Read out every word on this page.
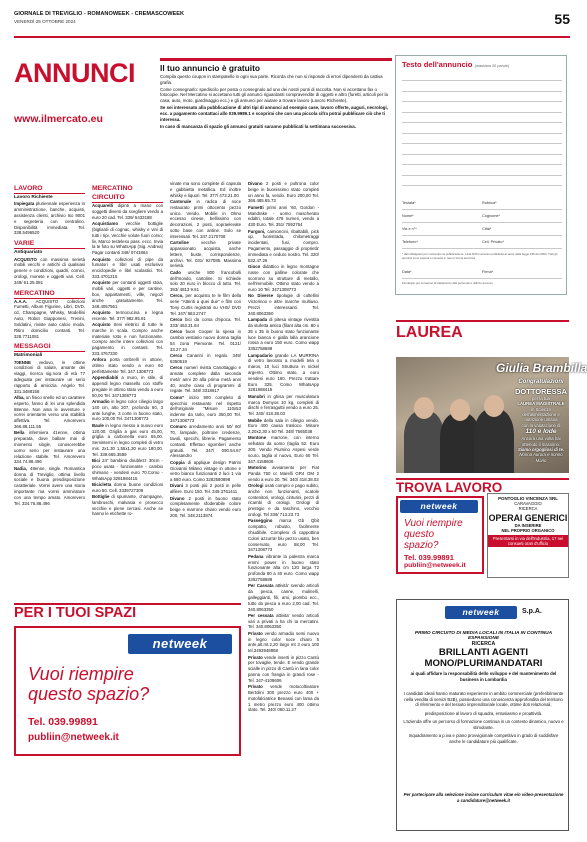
GIORNALE DI TREVIGLIO - ROMANOWEEK - CREMASCOWEEK
VENERDÌ 25 OTTOBRE 2024	55
ANNUNCI
www.ilmercato.eu
Il tuo annuncio è gratuito

Compila questo coupon in stampatello in ogni sua parte. Ricorda che non si risponde di errori dipendenti da cattiva grafia.

Come consegnarlo: spediscilo per posta o consegnalo ad uno dei nostri punti di raccolta. Non si accettano fax o fotocopie. Nel Mercatino si accettano tutti gli annunci riguardanti compravendite di oggetti e altro (furetti, articoli per la casa, auto, moto, giardinaggio ecc.) e gli annunci per aiutare a trovare lavoro (Lavoro Richieste).

Se sei interessato alla pubblicazione di altri tipi di annunci ad esempio case, lavoro offerte, auguri, necrologi, ecc. a pagamento contattaci allo 039.9989.1 e scoprirai che con una piccola cifra potrai pubblicare ciò che ti interessa.

In caso di mancanza di spazio gli annunci gratuiti saranno pubblicati la settimana successiva.

Testo dell'annuncio (massimo 20 parole)
Testata*	Rubrica*
Nome*	Cognome*
Via e n°*	Città*
Telefono*	Cell. Privato*
* dati obbligatori per consentire la pubblicazione. I dati NON verranno pubblicati ai sensi della legge 196 del 2003. Tutti gli annunci sono esposti e immessi in rete in forma anonima
Data*	Firma*
Firmatario per consenso al trattamento dati personali e utilizzo annunci
LAVORO
Lavoro Richieste

Impiegata pluriennale esperienza in amministrazione, banche, acquisti, assistenza clienti, archivio Iso 9001 e segreteria con centralino. Disponibilità immediata. Tel. 338.5496520

VARIE
Antiquariato

ACQUISTO con massima serietà mobili vecchi e antichi di qualsiasi genere e condizioni, quadri, cornici, orologi, monete e oggetti vari. Cell. 349/ 61.25.081

MERCATINO

A.A.A. ACQUISTO collezioni Fumetti, Album Figurine, Libri, DVD, cd, Champagne, Whisky, Modellini Auto, Robot Giapponesi, Trenini, Soldatini, riviste auto calcio moda. Ritiro domicilio contanti. Tel. 328.7711081

MESSAGGI
Matrimoniali

70ENNE vedovo, in ottime condizioni di salute, amante dei viaggi, ricerca sig.nora di età 77 adeguata per instaurare un serio rapporto di amicizia. Angelo Tel. 331.3488158

Alba, un fisico snello ed un carattere esperto, fanno di lei una splendida 68enne. Non ama le avventure e vorrei orientarmi verso una stabilità affettiva. Tel. Amorevero 366.88.111.55

Bella infermiera 41enne, ottima preparata, dove ballare mai di momento single, conoscerebbe uomo serio per instaurare una relazione stabile. Tel. Amorevero 334.74.88.496

Nadia, 48enne, single. Romantica donna di Treviglio, ottima livello sociale e buona presdisposizione caratteriale. Vorrei avere una storia importante ma vorrei ammiratore con una tempo amato. Amorevero Tel. 334.76.88.496

MERCATINO CIRCUITO

Acquarelli dipinti a mano con soggetti diversi da scegliere vendo a euro 20 cad. Tel. 339/ 5433188

Acquistiamo vecchie bottiglie (bigliardi di cognac, whisky e vini di tutti i tipi. Vecchie volute fuori corso; liv, Marco testeleso pass. eccc. Invia la te foto su WhatsApp (Sig. Andrea) Pagar contanti 348/ 0741864

Acquisto collezioni di pipe da fumatori e libri usati esclusivo enciclopedie e libri scolastici. Tel. 333.4701215

Acquisto per contanti oggetti stoia, mobili vari, oggetti e per cantine, box, appartamenti, ville, negozi anche gratuitamente. Tel. 348.4057561

Acquisto termocucina e legna recente. Tel. 377/ 982.95.91

Acquisto treni elettrici di tutte le marche in scala. Compro anche materiale rotto e non funzionante. Compro anche intere collezioni con pagamento in contanti. Tel. 333.4767330

Anfora porta ombrelli in ottone, ottimo stato vendo a euro 60 perfettamente Tel. 347.1308773

Appendiabiti a muro, in stile, di appendi legno massello con stoffe pregiate in ottimo stato vendo a euro 50,00 Tel. 3471308773

Armadio in legno color ciliegio largo 140 cm, alto 207, profondo 60, 3 ante lunghe, 3 corte in buono stato, euro 100,00 Tel. 3471308773

Baule in legno messo a nuovo euro 120,00. Griglia a gas euro 45,00, griglia a carbonella euro 65,00. Seminterni in legno completi di vetro mis. 2x1.30 1,55x1,30 euro 180,00. Tel. 339.665.3559

Bici 24" bambina doublezz 30cm - poco usata - funzionante - cambio shimano - vendesi euro 70.Como - WhatsApp 3281984415

Bicicletta donna buone condizioni euro 50. Cell. 3339727309

Bottiglie di spumante, champagne, lambruschi, malvasia e prosecco vecchie e piene cercasi. Anche se hanno le etichette ro-

vinate ma sono complete di capsula e gabbietta metallica. Ed inoltre whisky e liquori. Tel. 377/ 473.21.00

Cantonale in radica di noce restaurato primi ottocento pezzo unico. Vendo. Mobile in Olmo eccesso cinese, bellissimo con decorazioni, 2 posti, sopraelevate sotto base con antine. Solo se interessati. Tel. 347.2170708

Cartoline vecchie private appassionato acquista, anche lettere, buste, corrispondenze, archivi. Tel. 031/ 927085. Massima serietà.

Cado uniche 800 francobolli dell'mondo, cartoline. Si richiede solo 20 euro in blocco di tutto. Tel. 393/ 4813 9.61

Cerco, per acquisto te le film della serie "Attenti a quei due" e film con Tony Curtis registrati su VHS/ DVD Tel. 347/ 963.2747

Cerco bici da corsa d'epoca. Tel. 333/ 463.31.84

Cerco buon Cooper la spesa in cambio vestiario nuovo donna taglia 54 zona Piemonte. Tel. 0121/ 33.27.34

Cerco Canarini in regalo. 349/ 6350519

Cerco numeri rivista Canottaggio e annate complete dalla seconda metà' anni 20 alla prima metà anni 40, anche ciaso di programmi di regate. Tel. 348/ 3318617

Como" inizio 900 completo di specchio restaurato nel rispetto dell'originale "Misure 110x53 indenne da tarlo, euro 350,00 Tel. 3471308773

Comuro arredamento anni 50/ 60/ 70, lampade, poltrone credenze, tavoli, specchi, librerie. Pagamento contanti. Effettuo sgomberi anche gratuiti. Tel. 347/ 090.54.67 Alessandro

Coppia di applique design Patrini Giovanni Milano vintage in ottone e vetro bianco funzionanti 2 luci 1 via a 680 euro. Como 3282580898

Divani 3 posti più 2 posti in pelle alfiere. Euro 150. Tel. 349.3761411

Divano 2 posti in buono stato completamente sfoderabile colore beige e marrone chiaro vendo euro 200, Tel. 348.2113874

Divano 2 posti e poltrona color beige in buonissimo stato completi un anno fa, vendo. Euro 200,00 Tel. 366.485.65.73

Fumetti primi anni '60, Gordon - Mandrake - uomo mascherato edaltri, totale 478 numeri, vendo a 430 Euro. Tel. 351/ 7592764

Furgoni, camioncini, ribaltabili, pick up, fuoristrada, chilometraggi incidentati, fusi, compro. Pagamento, passaggio di proprietà' immediata e ceduro nostro. Tel. 320/ 532.47.26

Gioco didattico in legno montagne russe con palline colorate che scorrono su strutture di metallo, nell'immobile. Ottimo stato vendo a euro 10 Tel. 3471308773

No Diverse tipologie di coltellini Victorinox e altre marche multiuso. Prezzi interessanti. Tel. 340.8063350

Lampada di pitesa vintage rivestita da stufetta antica (filant alta cm. 80 x 35 x 35 in buono stato funzionante luce bianca e gialla lalla arancione rossa a euro 150 euro. Como wapp 3352758688

Lampadario grande LA MURRINA di vetro lavorato a modelli tela o maros, 10 luci Struttura in nickel argento. Ottimo stato, a euro vendesi euro 160. Prezzo trattare Euro 325. Como WhatsApp 3281988415

Manubri in ghisa per muscolatura marca Domyos 10 kg, completi di dischi e ferrasguttii vendo a euro 25. Tel. 340/ 418.38.03

Mobile della sala in ciliegio vendo. Euro 400 causa trasloco. Misure 2,20x2,30 x 60 Tel. 348/ 7565038

Montone marrone, con interno vellutato da uomo (taglia 52. Euro 200. Vendo Piumino Aspesi verde scuro, taglia xl nuovo, Euro 60 Tel. 347.4158606

Motorino avviamento per Fiat Panda 750 cc Marelli GR4 OM 2 vendo a euro 20. Tel. 340/ 418.38.03

Orologi usati compro e pago subito, anche non funzionanti, scatole contenitori, orologi, cinturini, pezzi di ricambi di orologi. Orologi di prestigio e da taschino, vecchio orologi. Tel 339/ 713.23.73

Passeggino marca Gb Qbit compatto, robusto, facilmente chiudibile. Completo di cappottina Colori azzurra! blu pezzo usato, ben conservato, euro 58,00 Tel. 3471308773

Pedana vibrante la palestra marca emmi power in buono stato funzionante alta cm 120 larga 72 profonda 80 a 40 euro. Como wapp 3352758688

Per Cassata attività' svendo articoli da pesca, canne, mulinelli, galleggianti, fili, ami, piombo ecc., tutto da pesca a euro 2,00 cad. Tel. 340.8063350

Per cessata attivita' vendo articoli vari a privati a ha chi ta mercatini. Tel. 340.8063350

Privato vendo armadio semi nuovo in legno color noce chiaro 5 ante,alt.mt.2,20 largo mt 3 euro 100 tel.3493948868

Privato vende inserti in pizzo Cantù per tovaglie, tende. E vendo grande scialle in pizzo di Cantù in lana color panna con frangia in grandi rose - Tel. 347-4109606

Privato vende motocoltivatore Bertolini 300 prezzo euro 400 + motofalciatrice Benassi con lama da 1 metro prezzo euro 400 ottimo stato. Tel. 340/ 060.11.27

LAUREA
Giulia Brambilla
Congratulazioni
DOTTORESSA
per la tua
LAUREA MAGISTRALE
in Scienze
dell'alimentazione e
nutrizione umana
con la valutazione di
110 e lode
Ancora una volta hai ottenuto il massimo.
Siamo orgogliosi di te.
Nonna Aurora e nonno Mario
TROVA LAVORO
netweek
Vuoi riempire
questo
spazio?
Tel. 039.99891
publiin@netweek.it
PONTOGLIO VINCENZA SRL
CARAVAGGIO
RICERCA
OPERAI GENERICI
DA INSERIRE
NEL PROPRIO ORGANICO
Presentarsi in via dell'Industria, 17 nei consueti orari d'ufficio
netweek	S.p.A.
PRIMO CIRCUITO DI MEDIA LOCALI IN ITALIA IN CONTINUA ESPANSIONE
RICERCA
BRILLANTI AGENTI MONO/PLURIMANDATARI
ai quali affidare la responsabilità dello sviluppo e del mantenimento del business in Lombardia

I candidati ideali hanno maturato esperienze in ambito commerciale (preferibilmente nella vendita di servizi B2B), possiedono una conoscenza approfondita del territorio di riferimento e del tessuto imprenditoriale locale, ottime doti relazionali,

predisposizione al lavoro di squadra, entusiasmo e proattività.

L'azienda offre un percorso di formazione continua in un contesto dinamico, nuovo e stimolante.

Inquadramento a p.iva e piano provvigionale competitivo in grado di soddisfare anche le candidature più qualificate.

Per partecipare alla selezione inviare curriculum vitae e/o video-presentazione a candidature@netweek.it
PER I TUOI SPAZI
netweek
Vuoi riempire
questo spazio?
Tel. 039.99891
publiin@netweek.it
